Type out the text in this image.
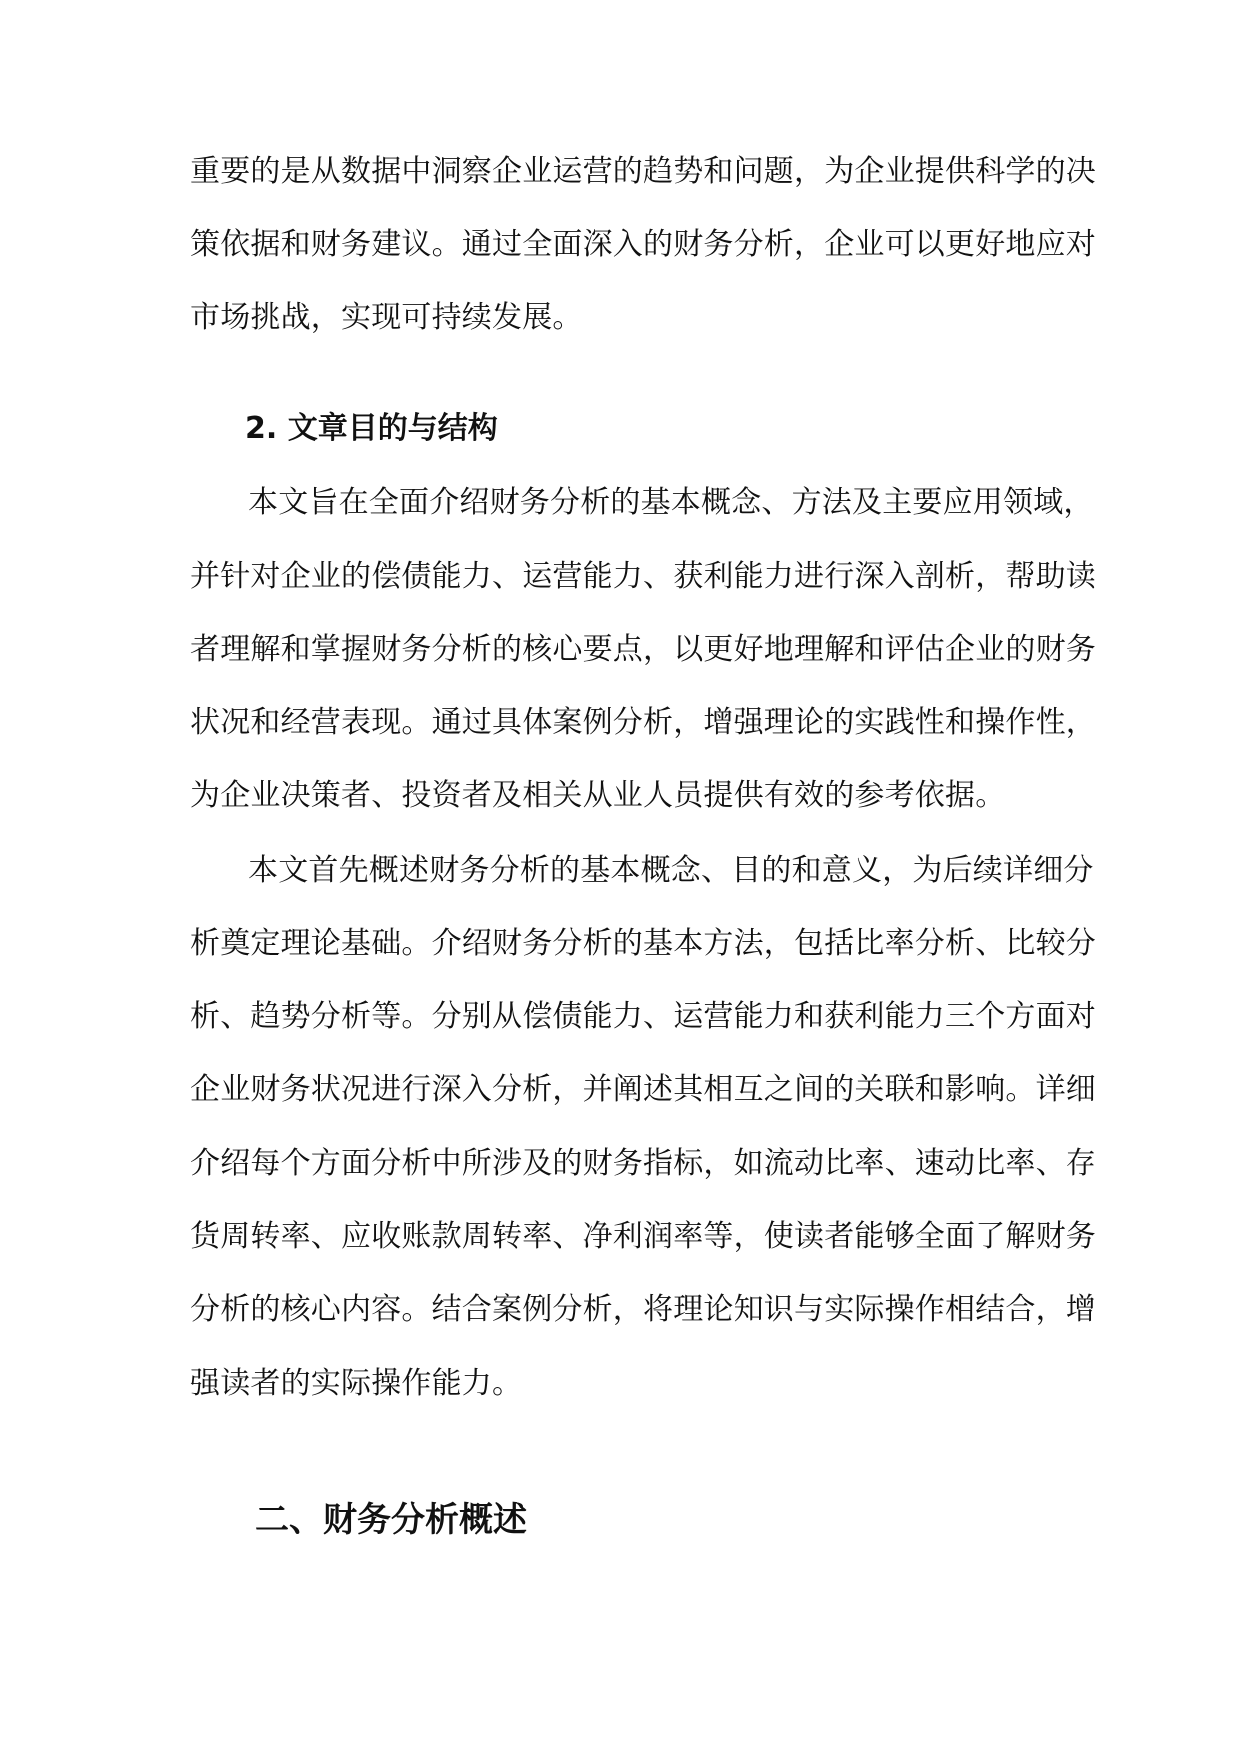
重要的是从数据中洞察企业运营的趋势和问题，为企业提供科学的决
策依据和财务建议。通过全面深入的财务分析，企业可以更好地应对
市场挑战，实现可持续发展。
2. 文章目的与结构
本文旨在全面介绍财务分析的基本概念、方法及主要应用领域，
并针对企业的偿债能力、运营能力、获利能力进行深入剖析，帮助读
者理解和掌握财务分析的核心要点，以更好地理解和评估企业的财务
状况和经营表现。通过具体案例分析，增强理论的实践性和操作性，
为企业决策者、投资者及相关从业人员提供有效的参考依据。
本文首先概述财务分析的基本概念、目的和意义，为后续详细分
析奠定理论基础。介绍财务分析的基本方法，包括比率分析、比较分
析、趋势分析等。分别从偿债能力、运营能力和获利能力三个方面对
企业财务状况进行深入分析，并阐述其相互之间的关联和影响。详细
介绍每个方面分析中所涉及的财务指标，如流动比率、速动比率、存
货周转率、应收账款周转率、净利润率等，使读者能够全面了解财务
分析的核心内容。结合案例分析，将理论知识与实际操作相结合，增
强读者的实际操作能力。
二、财务分析概述
